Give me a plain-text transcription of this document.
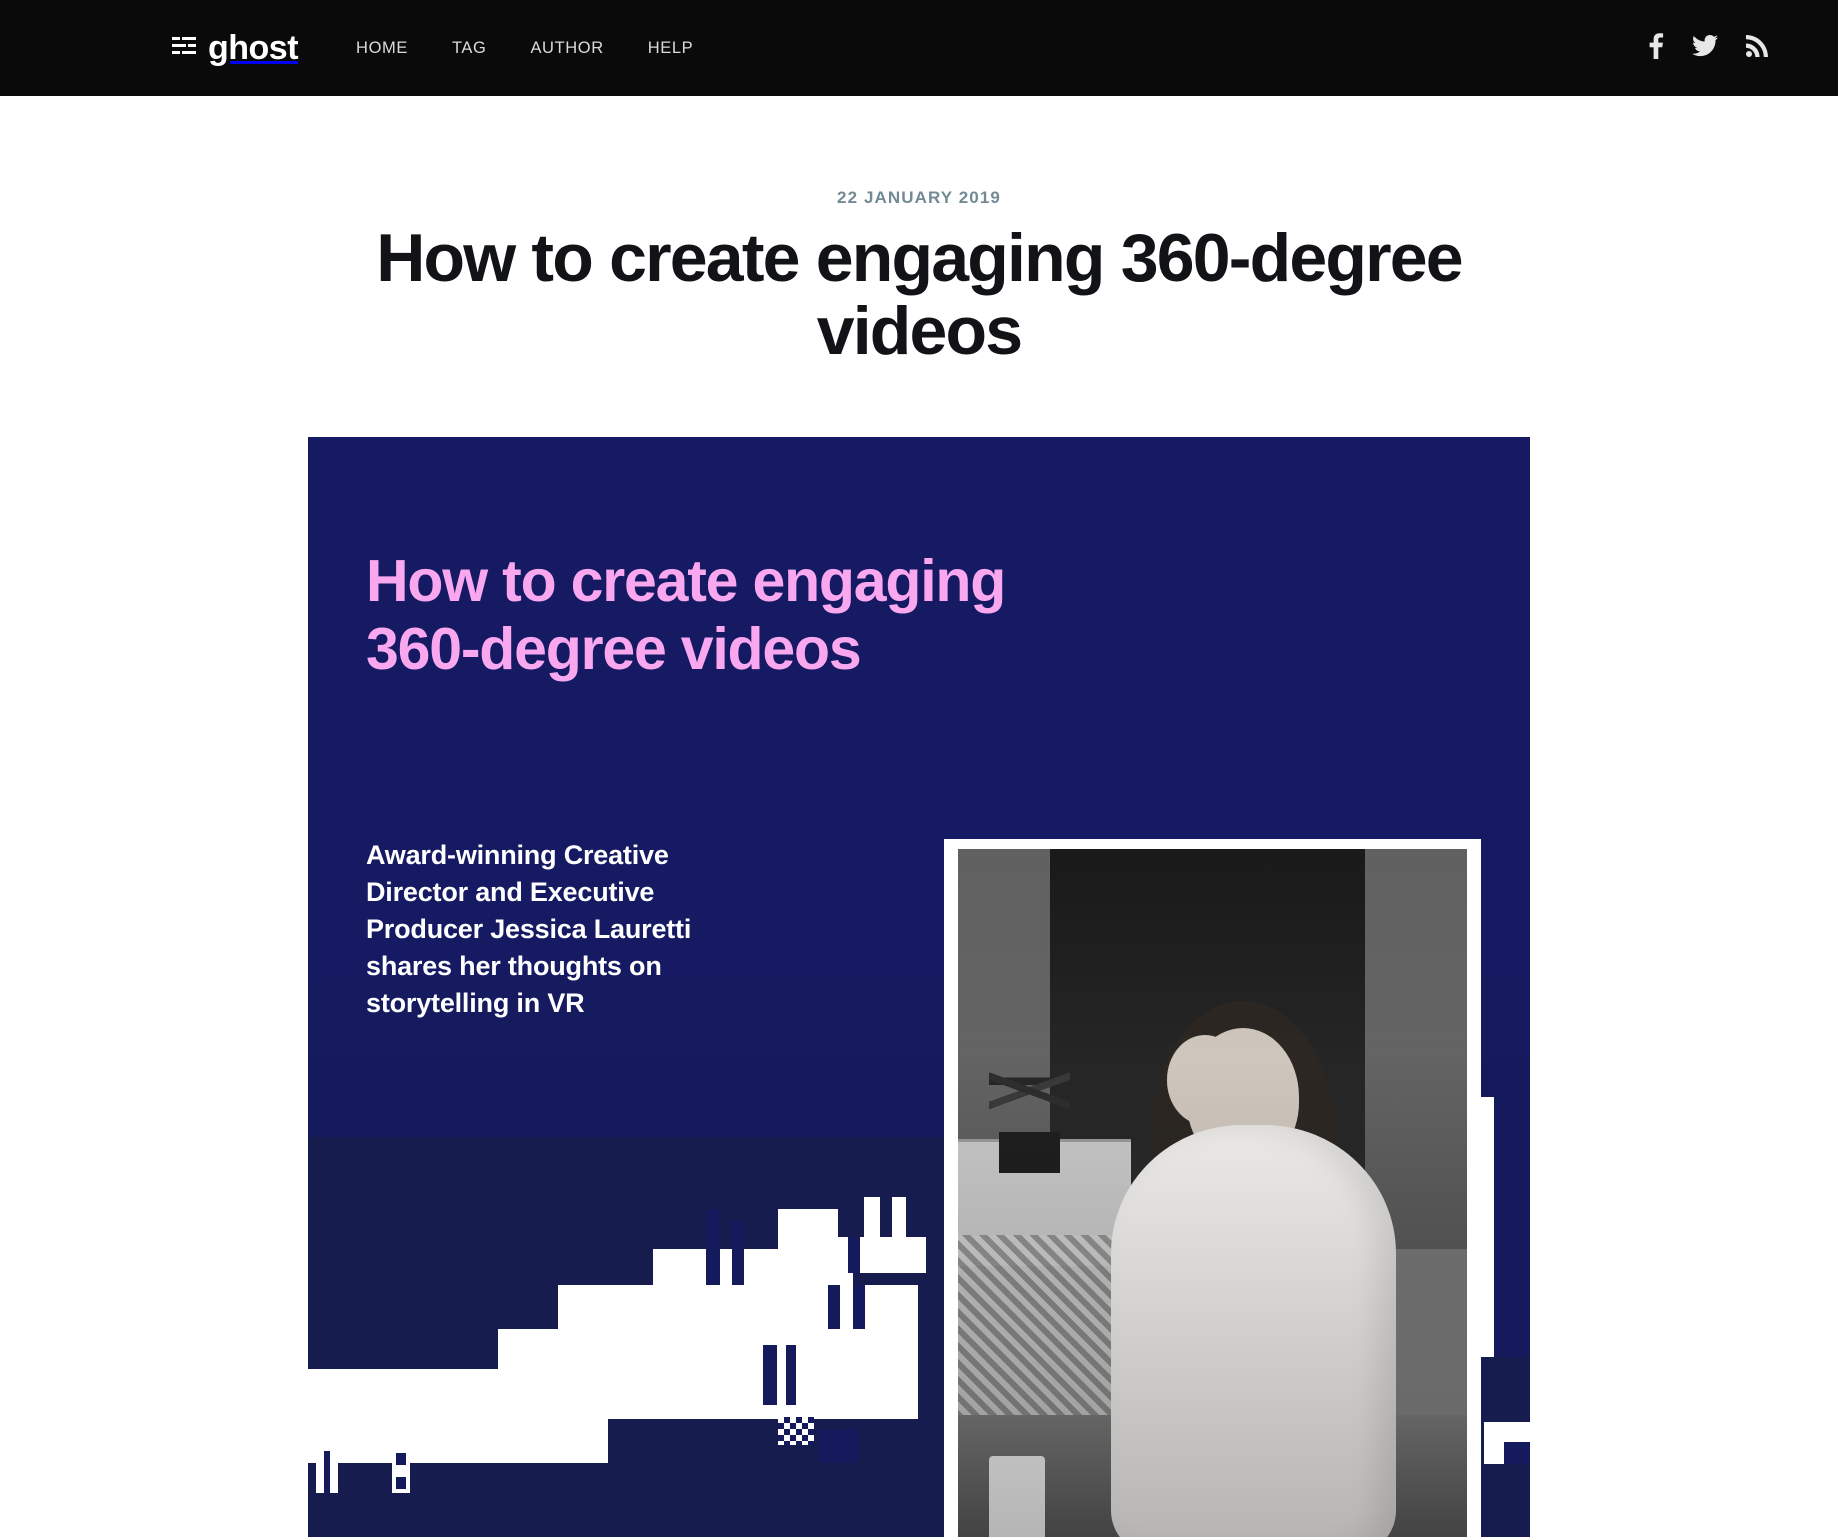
ghost	HOME	TAG	AUTHOR	HELP
22 JANUARY 2019
How to create engaging 360-degree videos
How to create engaging 360-degree videos
Award-winning Creative Director and Executive Producer Jessica Lauretti shares her thoughts on storytelling in VR
